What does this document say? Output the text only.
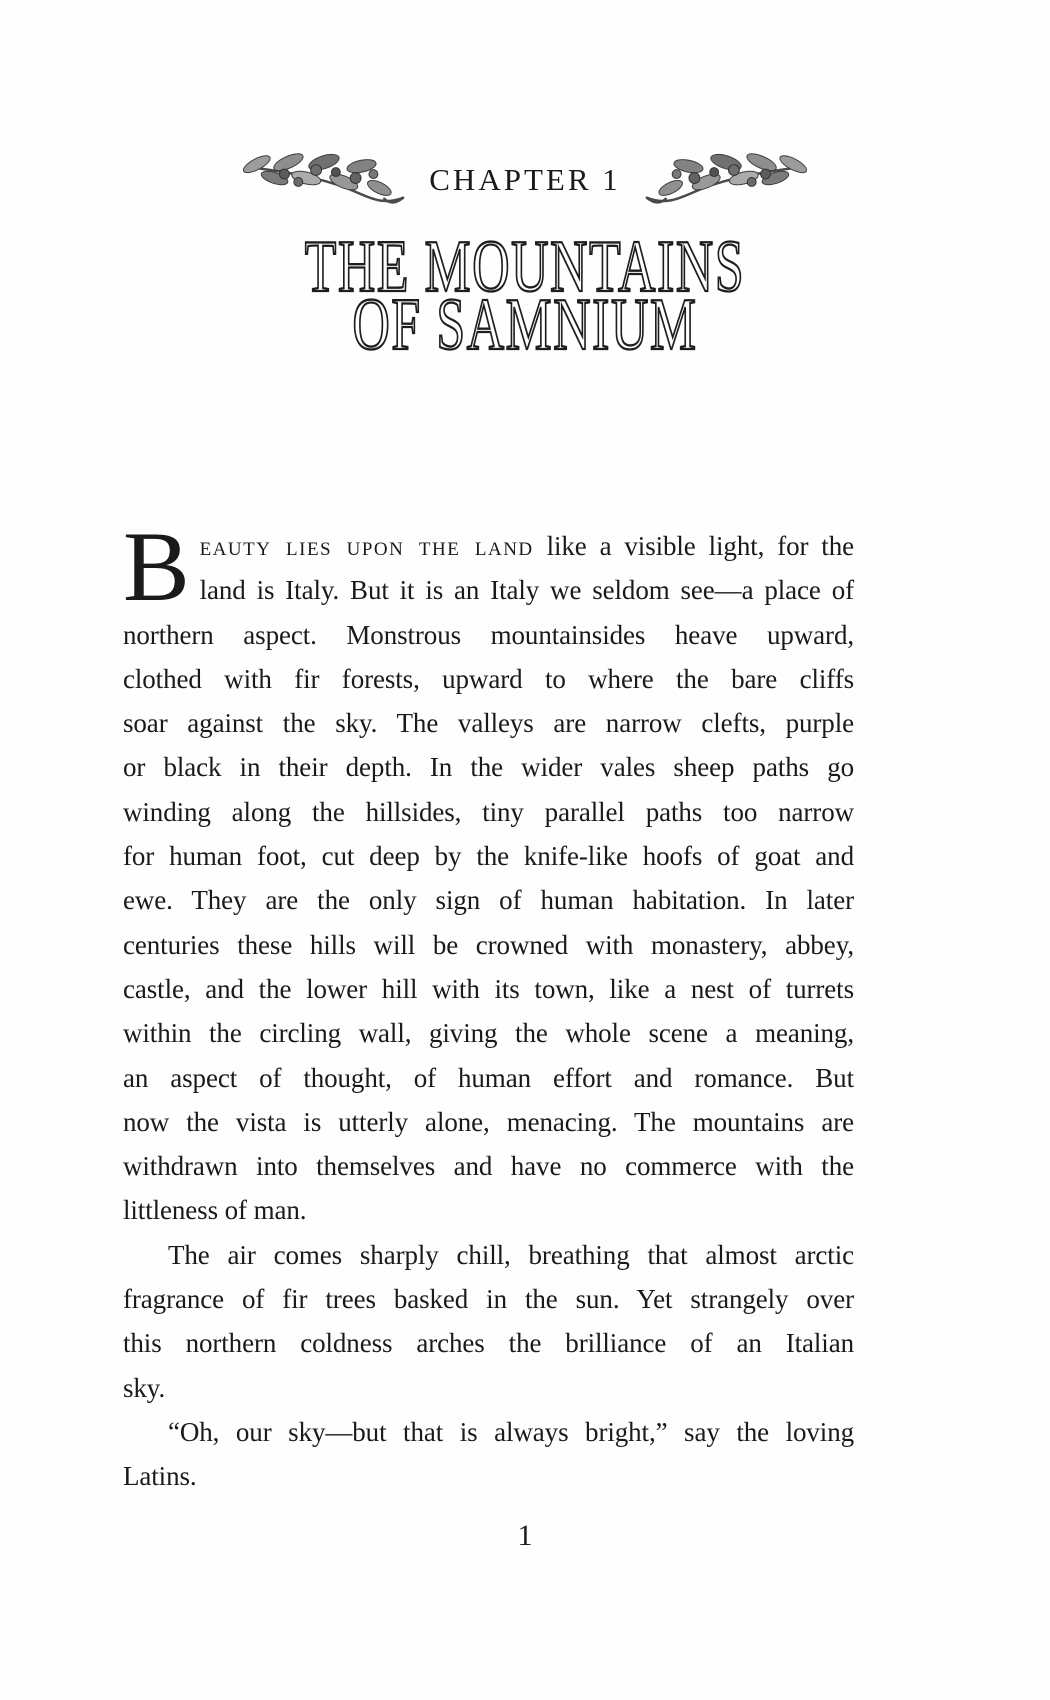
CHAPTER 1
THE MOUNTAINS
OF SAMNIUM
B eauty lies upon the land like a visible light, for the
land is Italy. But it is an Italy we seldom see—a place of
northern aspect. Monstrous mountainsides heave upward,
clothed with fir forests, upward to where the bare cliffs
soar against the sky. The valleys are narrow clefts, purple
or black in their depth. In the wider vales sheep paths go
winding along the hillsides, tiny parallel paths too narrow
for human foot, cut deep by the knife-like hoofs of goat and
ewe. They are the only sign of human habitation. In later
centuries these hills will be crowned with monastery, abbey,
castle, and the lower hill with its town, like a nest of turrets
within the circling wall, giving the whole scene a meaning,
an aspect of thought, of human effort and romance. But
now the vista is utterly alone, menacing. The mountains are
withdrawn into themselves and have no commerce with the
littleness of man.
The air comes sharply chill, breathing that almost arctic
fragrance of fir trees basked in the sun. Yet strangely over
this northern coldness arches the brilliance of an Italian
sky.
“Oh, our sky—but that is always bright,” say the loving
Latins.
1
